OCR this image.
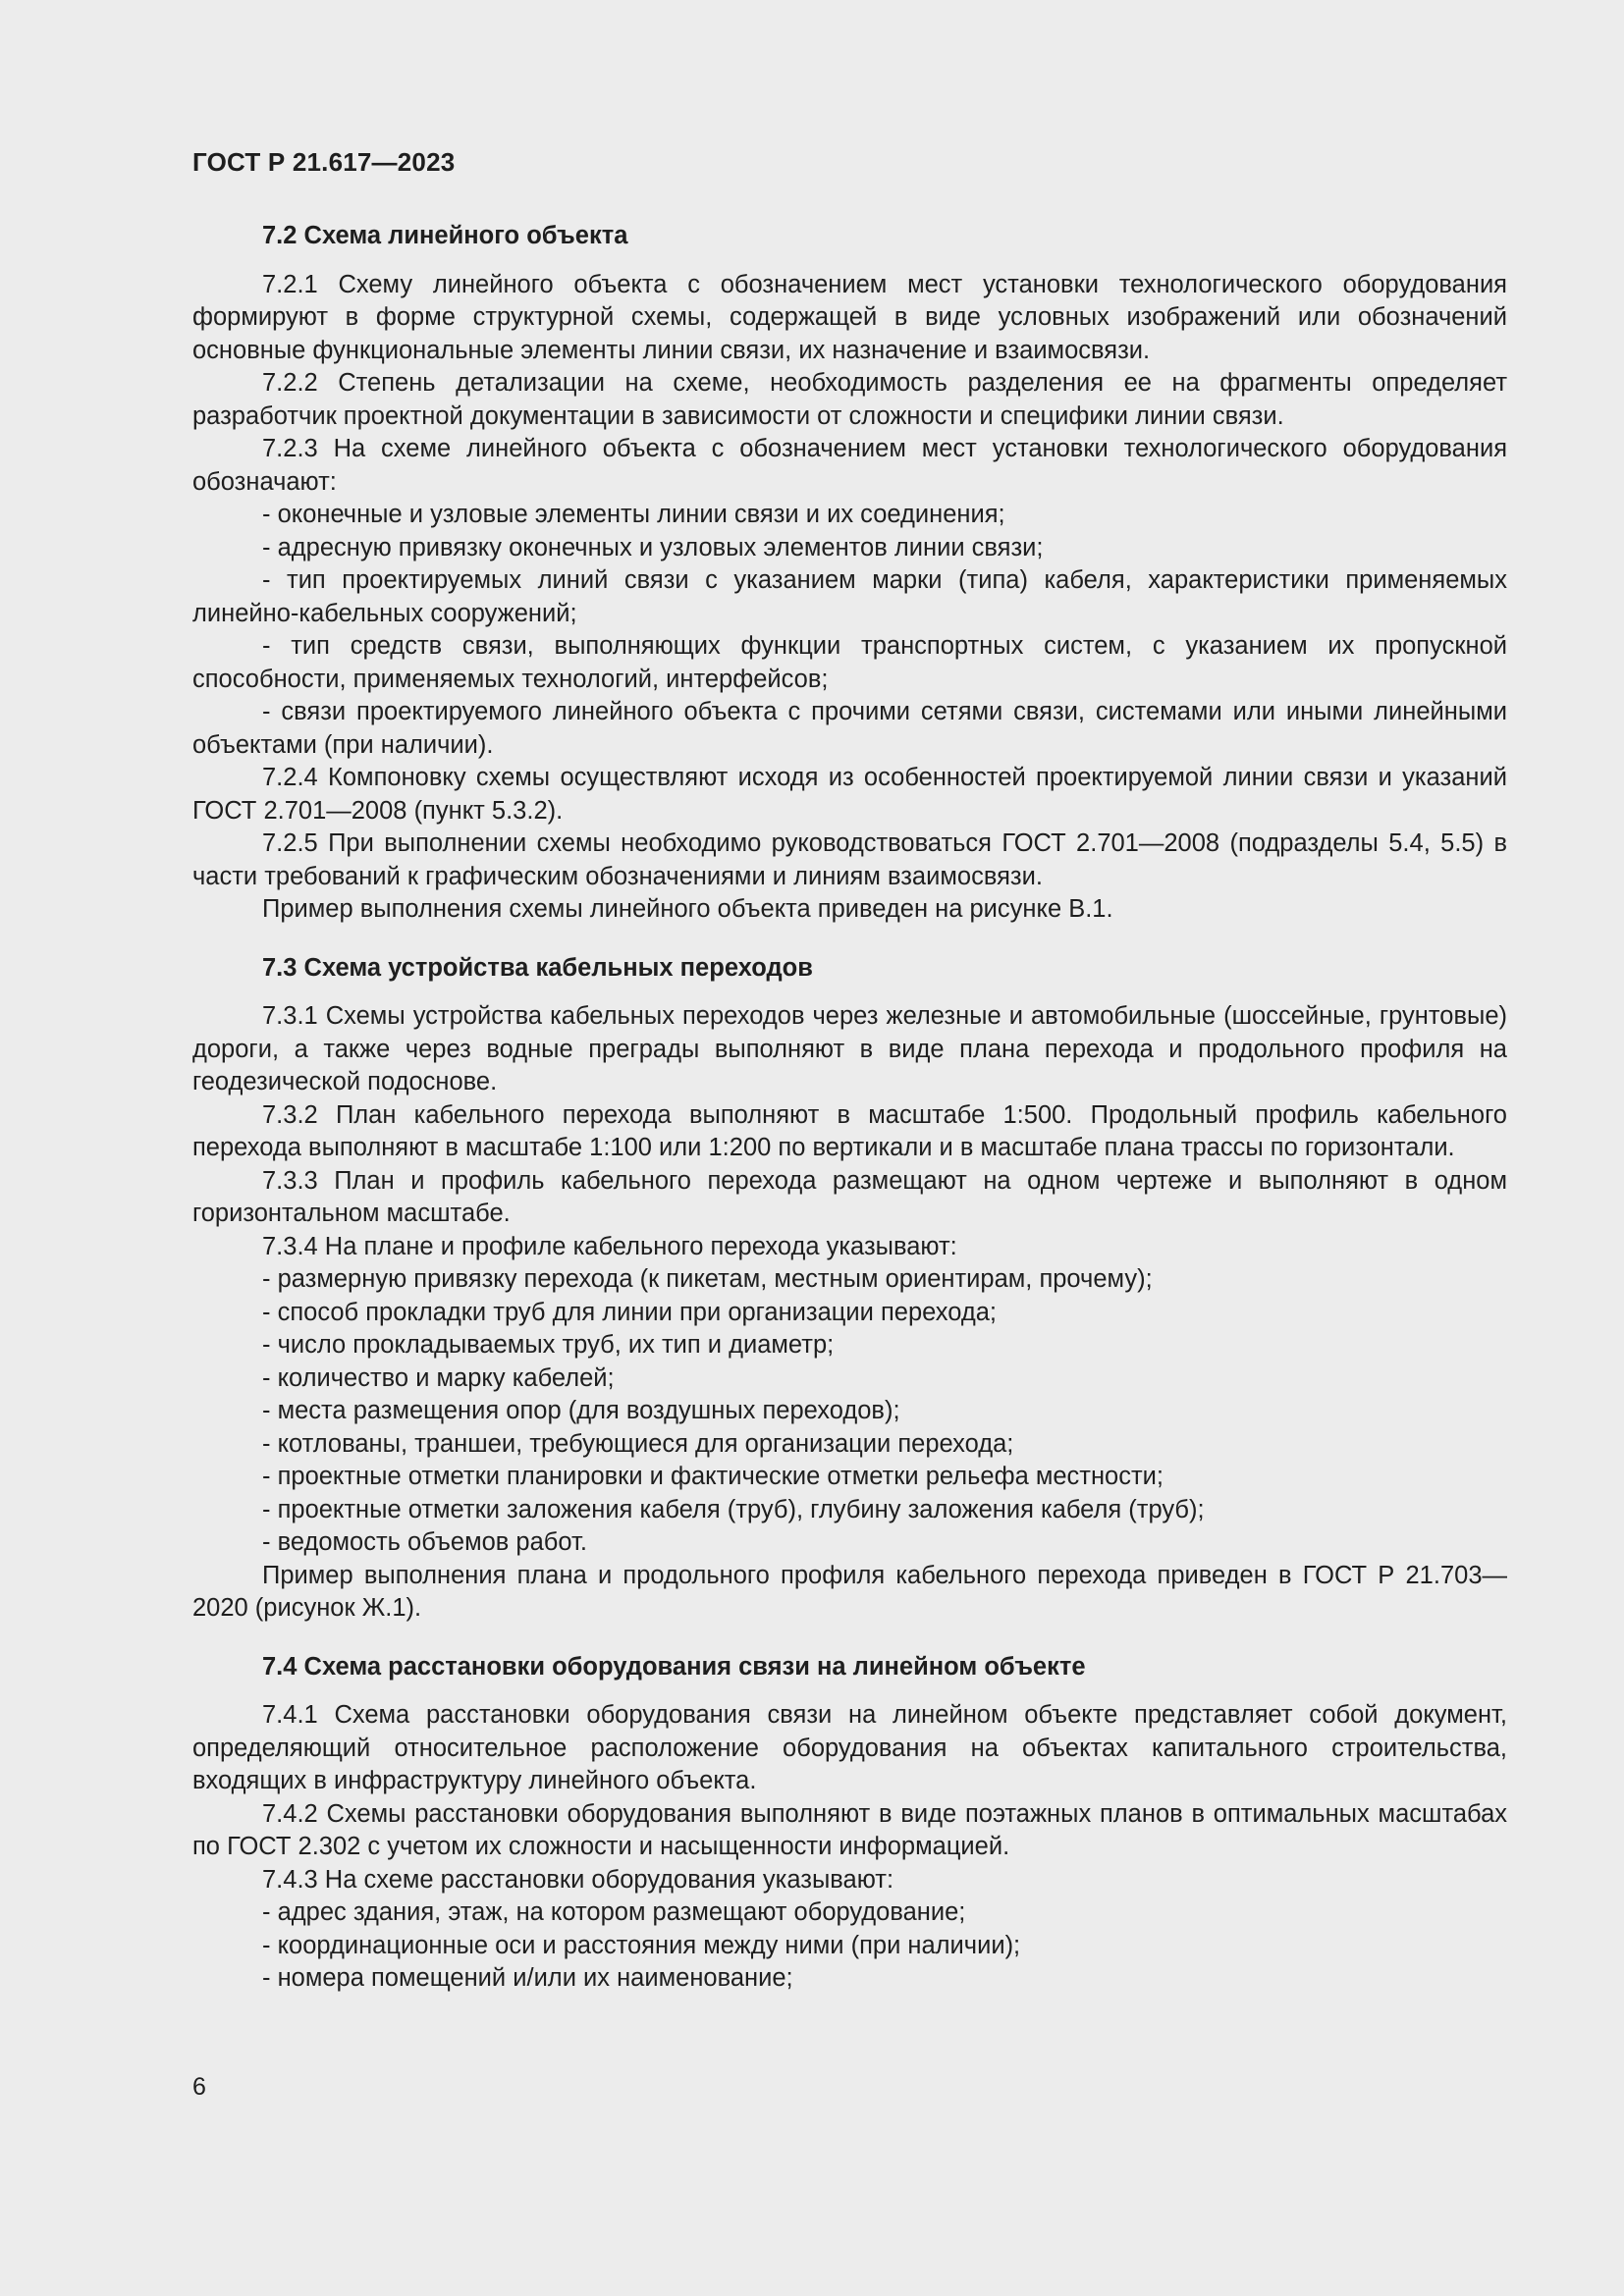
ГОСТ Р 21.617—2023

7.2 Схема линейного объекта

7.2.1 Схему линейного объекта с обозначением мест установки технологического оборудования формируют в форме структурной схемы, содержащей в виде условных изображений или обозначений основные функциональные элементы линии связи, их назначение и взаимосвязи.

7.2.2 Степень детализации на схеме, необходимость разделения ее на фрагменты определяет разработчик проектной документации в зависимости от сложности и специфики линии связи.

7.2.3 На схеме линейного объекта с обозначением мест установки технологического оборудования обозначают:

- оконечные и узловые элементы линии связи и их соединения;

- адресную привязку оконечных и узловых элементов линии связи;

- тип проектируемых линий связи с указанием марки (типа) кабеля, характеристики применяемых линейно-кабельных сооружений;

- тип средств связи, выполняющих функции транспортных систем, с указанием их пропускной способности, применяемых технологий, интерфейсов;

- связи проектируемого линейного объекта с прочими сетями связи, системами или иными линейными объектами (при наличии).

7.2.4 Компоновку схемы осуществляют исходя из особенностей проектируемой линии связи и указаний ГОСТ 2.701—2008 (пункт 5.3.2).

7.2.5 При выполнении схемы необходимо руководствоваться ГОСТ 2.701—2008 (подразделы 5.4, 5.5) в части требований к графическим обозначениями и линиям взаимосвязи.

Пример выполнения схемы линейного объекта приведен на рисунке В.1.

7.3 Схема устройства кабельных переходов

7.3.1 Схемы устройства кабельных переходов через железные и автомобильные (шоссейные, грунтовые) дороги, а также через водные преграды выполняют в виде плана перехода и продольного профиля на геодезической подоснове.

7.3.2 План кабельного перехода выполняют в масштабе 1:500. Продольный профиль кабельного перехода выполняют в масштабе 1:100 или 1:200 по вертикали и в масштабе плана трассы по горизонтали.

7.3.3 План и профиль кабельного перехода размещают на одном чертеже и выполняют в одном горизонтальном масштабе.

7.3.4 На плане и профиле кабельного перехода указывают:

- размерную привязку перехода (к пикетам, местным ориентирам, прочему);

- способ прокладки труб для линии при организации перехода;

- число прокладываемых труб, их тип и диаметр;

- количество и марку кабелей;

- места размещения опор (для воздушных переходов);

- котлованы, траншеи, требующиеся для организации перехода;

- проектные отметки планировки и фактические отметки рельефа местности;

- проектные отметки заложения кабеля (труб), глубину заложения кабеля (труб);

- ведомость объемов работ.

Пример выполнения плана и продольного профиля кабельного перехода приведен в ГОСТ Р 21.703—2020 (рисунок Ж.1).

7.4 Схема расстановки оборудования связи на линейном объекте

7.4.1 Схема расстановки оборудования связи на линейном объекте представляет собой документ, определяющий относительное расположение оборудования на объектах капитального строительства, входящих в инфраструктуру линейного объекта.

7.4.2 Схемы расстановки оборудования выполняют в виде поэтажных планов в оптимальных масштабах по ГОСТ 2.302 с учетом их сложности и насыщенности информацией.

7.4.3 На схеме расстановки оборудования указывают:

- адрес здания, этаж, на котором размещают оборудование;

- координационные оси и расстояния между ними (при наличии);

- номера помещений и/или их наименование;

6
